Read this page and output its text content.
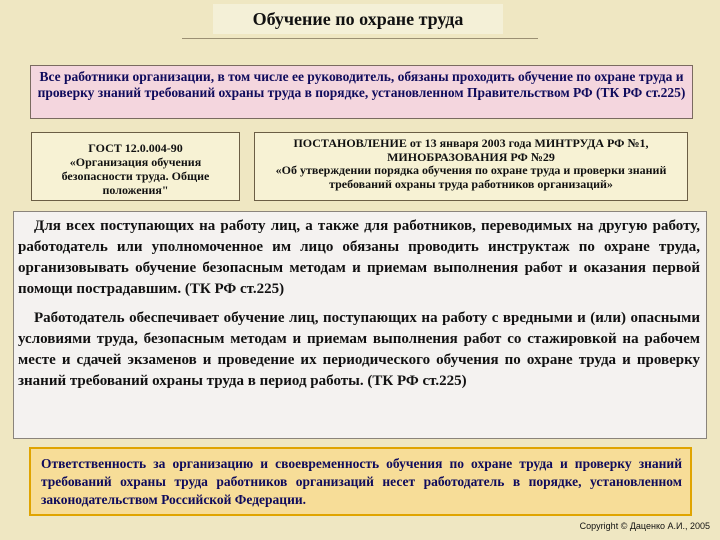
Обучение по охране труда
Все работники организации, в том числе ее руководитель, обязаны проходить обучение по охране труда и проверку знаний требований охраны труда в порядке, установленном Правительством РФ (ТК РФ ст.225)
ГОСТ 12.0.004-90
«Организация обучения безопасности труда. Общие положения"
ПОСТАНОВЛЕНИЕ от 13 января 2003 года МИНТРУДА РФ №1, МИНОБРАЗОВАНИЯ РФ №29
«Об утверждении порядка обучения по охране труда и проверки знаний требований охраны труда работников организаций»

Для всех поступающих на работу лиц, а также для работников, переводимых на другую работу, работодатель или уполномоченное им лицо обязаны проводить инструктаж по охране труда, организовывать обучение безопасным методам и приемам выполнения работ и оказания первой помощи пострадавшим. (ТК РФ ст.225)

Работодатель обеспечивает обучение лиц, поступающих на работу с вредными и (или) опасными условиями труда, безопасным методам и приемам выполнения работ со стажировкой на рабочем месте и сдачей экзаменов и проведение их периодического обучения по охране труда и проверку знаний требований охраны труда в период работы. (ТК РФ ст.225)

Ответственность за организацию и своевременность обучения по охране труда и проверку знаний требований охраны труда работников организаций несет работодатель в порядке, установленном законодательством Российской Федерации.
Copyright © Даценко А.И., 2005
